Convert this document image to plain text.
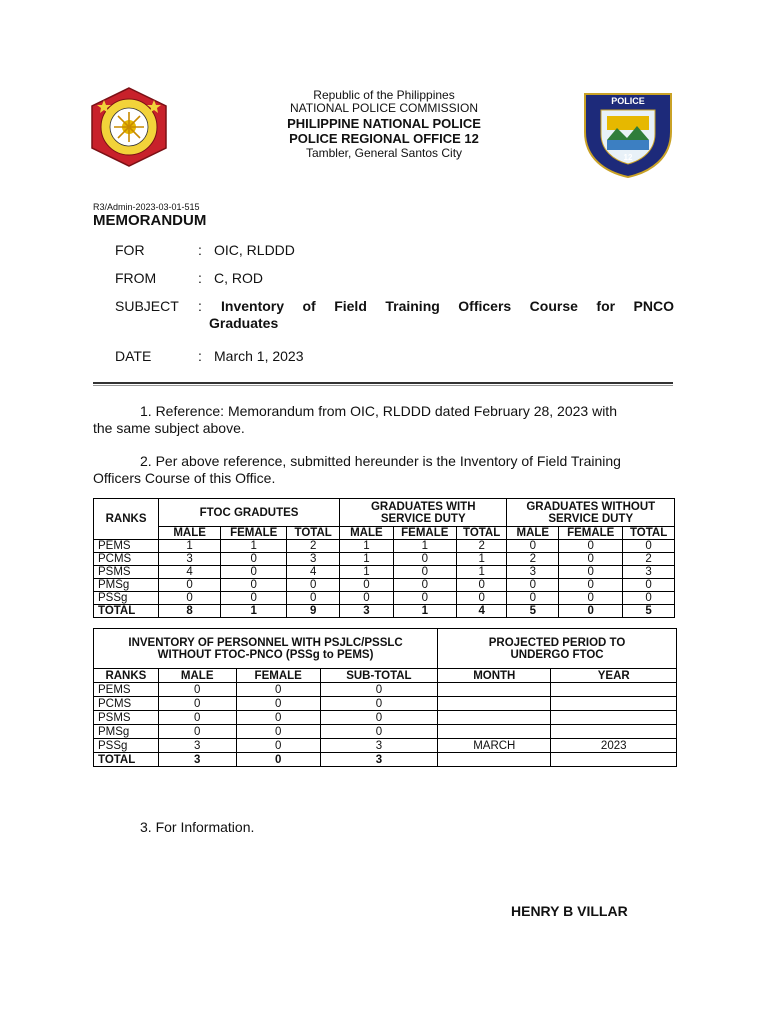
POLICE
12
Republic of the Philippines
NATIONAL POLICE COMMISSION
PHILIPPINE NATIONAL POLICE
POLICE REGIONAL OFFICE 12
Tambler, General Santos City
R3/Admin-2023-03-01-515
MEMORANDUM
FOR	: OIC, RLDDD
FROM	: C, ROD
SUBJECT : Inventory of Field Training Officers Course for PNCO
Graduates
DATE	: March 1, 2023
1. Reference: Memorandum from OIC, RLDDD dated February 28, 2023 with
the same subject above.
2. Per above reference, submitted hereunder is the Inventory of Field Training
Officers Course of this Office.
RANKS	FTOC GRADUTES			GRADUATES WITH
SERVICE DUTY			GRADUATES WITHOUT
SERVICE DUTY		
	MALE	FEMALE	TOTAL	MALE	FEMALE	TOTAL	MALE	FEMALE	TOTAL
PEMS	1	1	2	1	1	2	0	0	0
PCMS	3	0	3	1	0	1	2	0	2
PSMS	4	0	4	1	0	1	3	0	3
PMSg	0	0	0	0	0	0	0	0	0
PSSg	0	0	0	0	0	0	0	0	0
TOTAL	8	1	9	3	1	4	5	0	5
INVENTORY OF PERSONNEL WITH PSJLC/PSSLC
WITHOUT FTOC-PNCO (PSSg to PEMS)				PROJECTED PERIOD TO
UNDERGO FTOC	
RANKS	MALE	FEMALE	SUB-TOTAL	MONTH	YEAR
PEMS	0	0	0		
PCMS	0	0	0		
PSMS	0	0	0		
PMSg	0	0	0		
PSSg	3	0	3	MARCH	2023
TOTAL	3	0	3		
3. For Information.
HENRY B VILLAR
